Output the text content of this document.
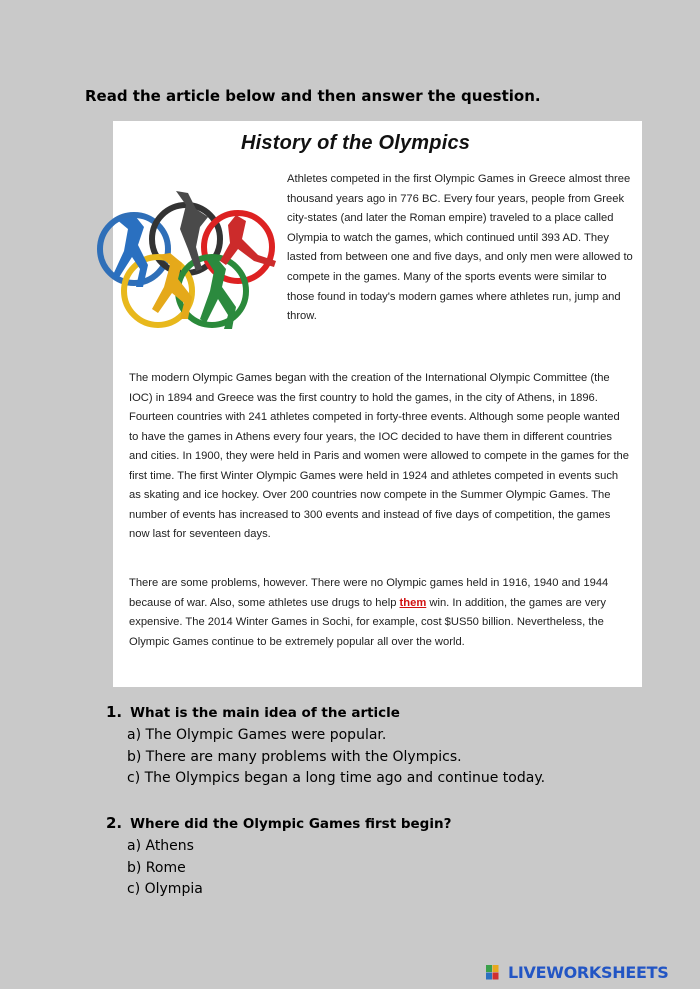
Read the article below and then answer the question.
History of the Olympics

Athletes competed in the first Olympic Games in Greece almost three thousand years ago in 776 BC. Every four years, people from Greek city-states (and later the Roman empire) traveled to a place called Olympia to watch the games, which continued until 393 AD. They lasted from between one and five days, and only men were allowed to compete in the games. Many of the sports events were similar to those found in today's modern games where athletes run, jump and throw.

The modern Olympic Games began with the creation of the International Olympic Committee (the IOC) in 1894 and Greece was the first country to hold the games, in the city of Athens, in 1896. Fourteen countries with 241 athletes competed in forty-three events. Although some people wanted to have the games in Athens every four years, the IOC decided to have them in different countries and cities. In 1900, they were held in Paris and women were allowed to compete in the games for the first time. The first Winter Olympic Games were held in 1924 and athletes competed in events such as skating and ice hockey. Over 200 countries now compete in the Summer Olympic Games. The number of events has increased to 300 events and instead of five days of competition, the games now last for seventeen days.

There are some problems, however. There were no Olympic games held in 1916, 1940 and 1944 because of war. Also, some athletes use drugs to help them win. In addition, the games are very expensive. The 2014 Winter Games in Sochi, for example, cost $US50 billion. Nevertheless, the Olympic Games continue to be extremely popular all over the world.

1. What is the main idea of the article
a) The Olympic Games were popular.
b) There are many problems with the Olympics.
c) The Olympics began a long time ago and continue today.
2. Where did the Olympic Games first begin?
a) Athens
b) Rome
c) Olympia
LIVEWORKSHEETS
